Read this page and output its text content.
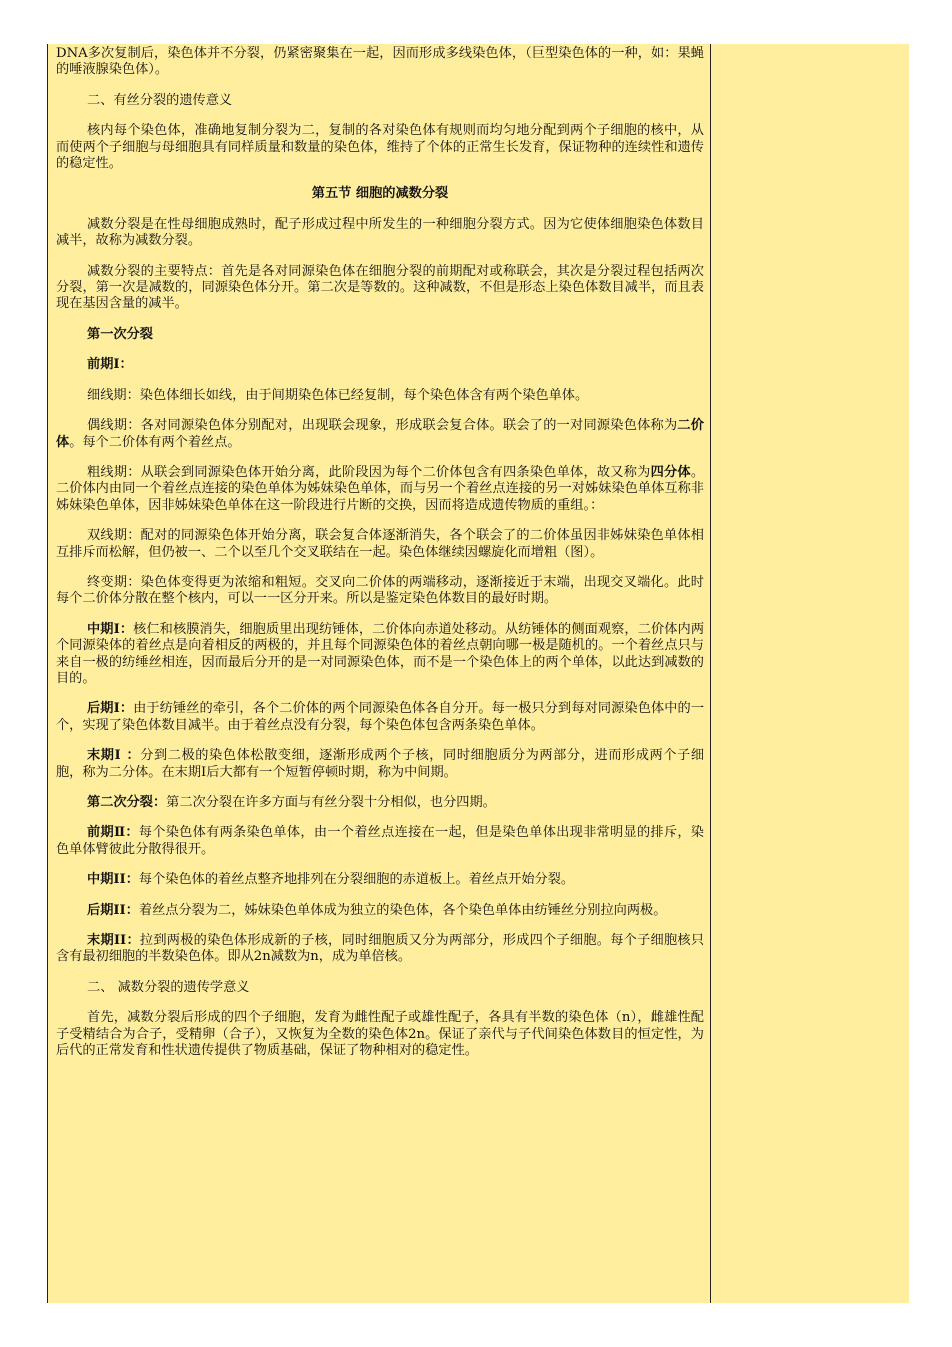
DNA多次复制后，染色体并不分裂，仍紧密聚集在一起，因而形成多线染色体，（巨型染色体的一种，如：果蝇的唾液腺染色体）。

二、有丝分裂的遗传意义

核内每个染色体，准确地复制分裂为二，复制的各对染色体有规则而均匀地分配到两个子细胞的核中，从而使两个子细胞与母细胞具有同样质量和数量的染色体，维持了个体的正常生长发育，保证物种的连续性和遗传的稳定性。

第五节 细胞的减数分裂

减数分裂是在性母细胞成熟时，配子形成过程中所发生的一种细胞分裂方式。因为它使体细胞染色体数目减半，故称为减数分裂。

减数分裂的主要特点：首先是各对同源染色体在细胞分裂的前期配对或称联会，其次是分裂过程包括两次分裂，第一次是减数的，同源染色体分开。第二次是等数的。这种减数，不但是形态上染色体数目减半，而且表现在基因含量的减半。

第一次分裂

前期Ⅰ：

细线期：染色体细长如线，由于间期染色体已经复制，每个染色体含有两个染色单体。

偶线期：各对同源染色体分别配对，出现联会现象，形成联会复合体。联会了的一对同源染色体称为二价体。每个二价体有两个着丝点。

粗线期：从联会到同源染色体开始分离，此阶段因为每个二价体包含有四条染色单体，故又称为四分体。二价体内由同一个着丝点连接的染色单体为姊妹染色单体，而与另一个着丝点连接的另一对姊妹染色单体互称非姊妹染色单体，因非姊妹染色单体在这一阶段进行片断的交换，因而将造成遗传物质的重组。：

双线期：配对的同源染色体开始分离，联会复合体逐渐消失，各个联会了的二价体虽因非姊妹染色单体相互排斥而松解，但仍被一、二个以至几个交叉联结在一起。染色体继续因螺旋化而增粗（图）。

终变期：染色体变得更为浓缩和粗短。交叉向二价体的两端移动，逐渐接近于末端，出现交叉端化。此时每个二价体分散在整个核内，可以一一区分开来。所以是鉴定染色体数目的最好时期。

中期Ⅰ：核仁和核膜消失，细胞质里出现纺锤体，二价体向赤道处移动。从纺锤体的侧面观察，二价体内两个同源染体的着丝点是向着相反的两极的，并且每个同源染色体的着丝点朝向哪一极是随机的。一个着丝点只与来自一极的纺缍丝相连，因而最后分开的是一对同源染色体，而不是一个染色体上的两个单体，以此达到减数的目的。

后期Ⅰ：由于纺锤丝的牵引，各个二价体的两个同源染色体各自分开。每一极只分到每对同源染色体中的一个，实现了染色体数目减半。由于着丝点没有分裂，每个染色体包含两条染色单体。

末期Ⅰ ：分到二极的染色体松散变细，逐渐形成两个子核，同时细胞质分为两部分，进而形成两个子细胞，称为二分体。在末期Ⅰ后大都有一个短暂停顿时期，称为中间期。

第二次分裂：第二次分裂在许多方面与有丝分裂十分相似，也分四期。

前期Ⅱ：每个染色体有两条染色单体，由一个着丝点连接在一起，但是染色单体出现非常明显的排斥，染色单体臂彼此分散得很开。

中期II：每个染色体的着丝点整齐地排列在分裂细胞的赤道板上。着丝点开始分裂。

后期II：着丝点分裂为二，姊妹染色单体成为独立的染色体，各个染色单体由纺锤丝分别拉向两极。

末期II：拉到两极的染色体形成新的子核，同时细胞质又分为两部分，形成四个子细胞。每个子细胞核只含有最初细胞的半数染色体。即从2n减数为n，成为单倍核。

二、 减数分裂的遗传学意义

首先，减数分裂后形成的四个子细胞，发育为雌性配子或雄性配子，各具有半数的染色体（n），雌雄性配子受精结合为合子，受精卵（合子），又恢复为全数的染色体2n。保证了亲代与子代间染色体数目的恒定性，为后代的正常发育和性状遗传提供了物质基础，保证了物种相对的稳定性。
